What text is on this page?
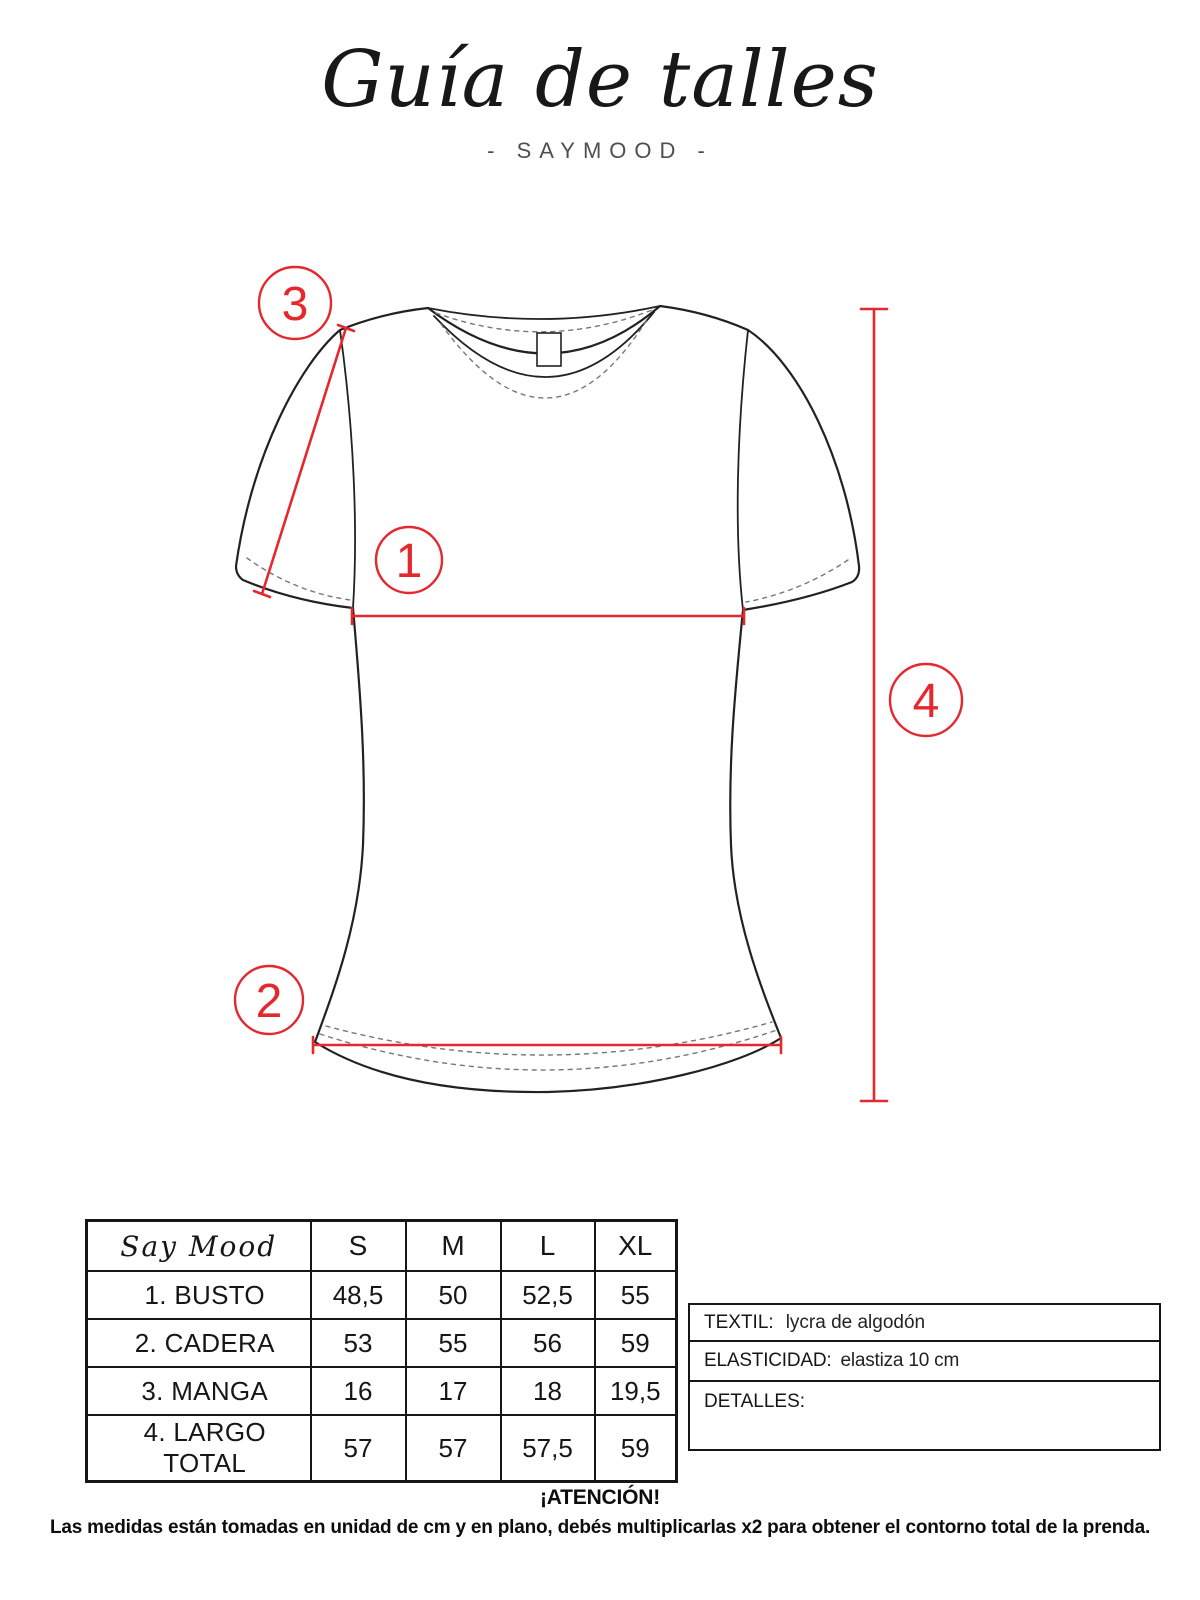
Guía de talles
- SAYMOOD -
1
2
3
4
Say Mood	S	M	L	XL
1. BUSTO	48,5	50	52,5	55
2. CADERA	53	55	56	59
3. MANGA	16	17	18	19,5
4. LARGO TOTAL	57	57	57,5	59
TEXTIL: lycra de algodón
ELASTICIDAD: elastiza 10 cm
DETALLES:
¡ATENCIÓN!
Las medidas están tomadas en unidad de cm y en plano, debés multiplicarlas x2 para obtener el contorno total de la prenda.
